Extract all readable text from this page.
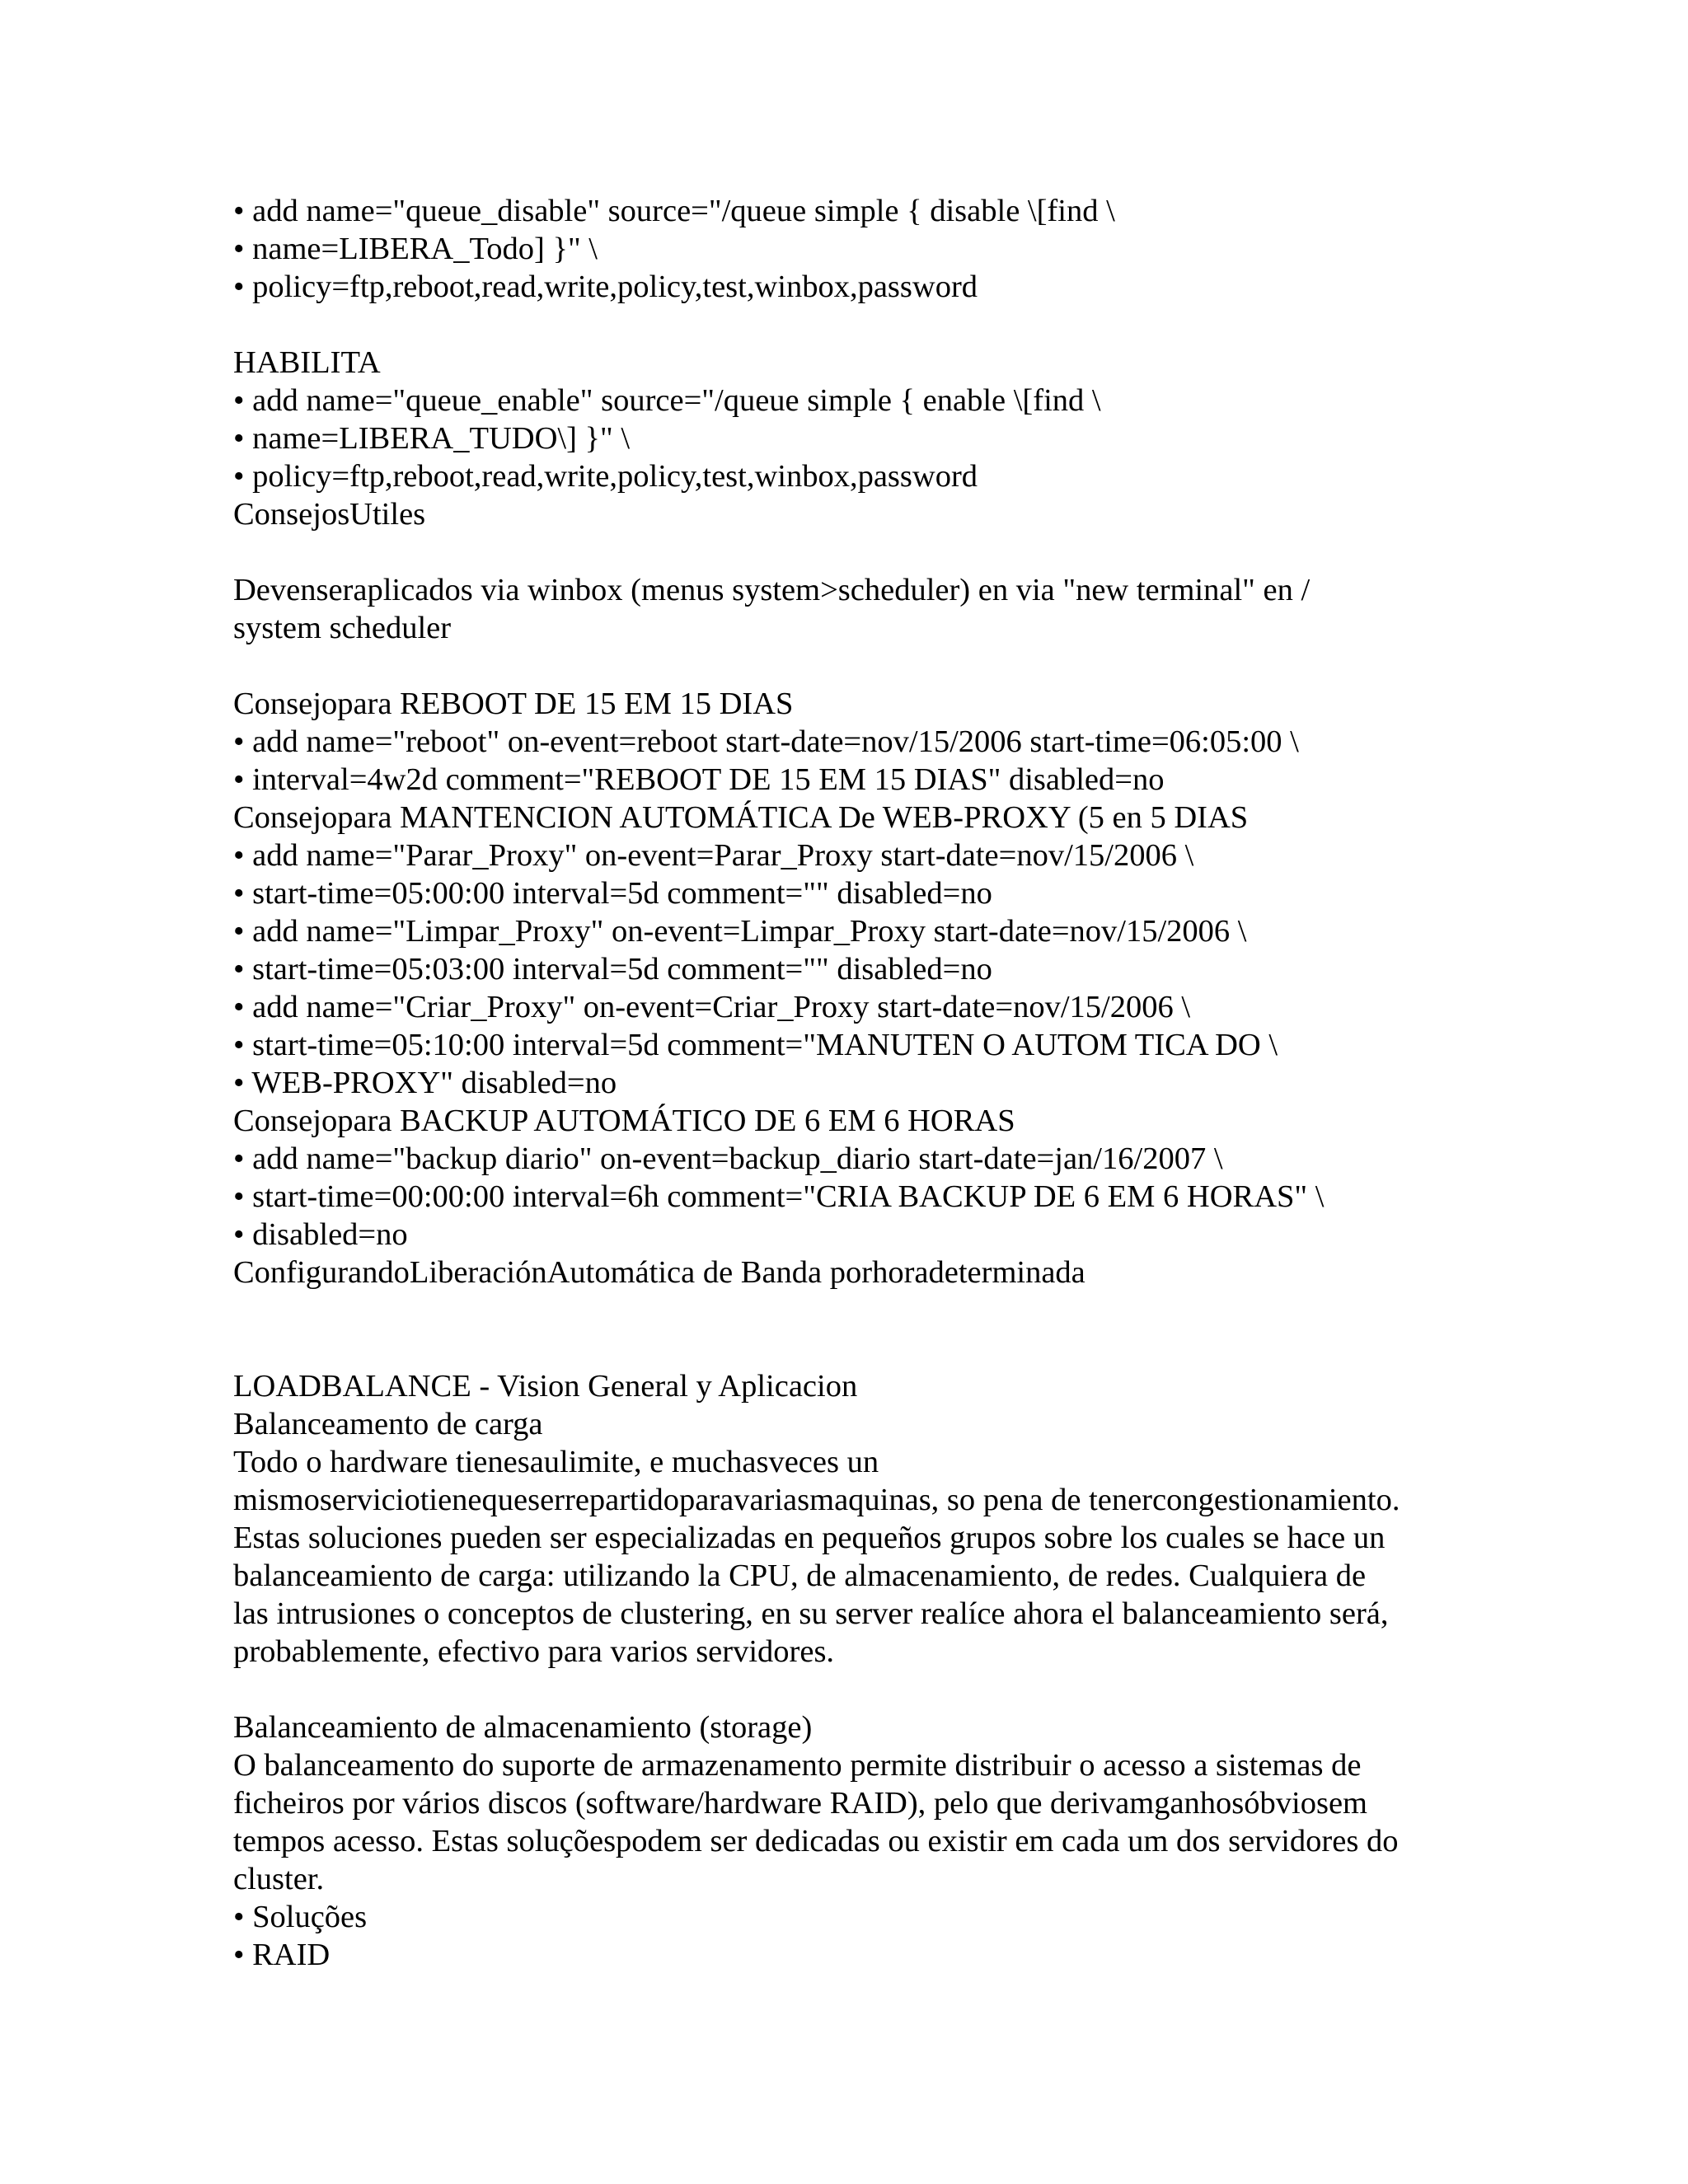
• add name="queue_disable" source="/queue simple { disable \[find \
• name=LIBERA_Todo] }" \
• policy=ftp,reboot,read,write,policy,test,winbox,password
HABILITA
• add name="queue_enable" source="/queue simple { enable \[find \
• name=LIBERA_TUDO\] }" \
• policy=ftp,reboot,read,write,policy,test,winbox,password
ConsejosUtiles
Devenseraplicados via winbox (menus system>scheduler) en via "new terminal" en /
system scheduler
Consejopara REBOOT DE 15 EM 15 DIAS
• add name="reboot" on-event=reboot start-date=nov/15/2006 start-time=06:05:00 \
• interval=4w2d comment="REBOOT DE 15 EM 15 DIAS" disabled=no
Consejopara MANTENCION AUTOMÁTICA De WEB-PROXY (5 en 5 DIAS
• add name="Parar_Proxy" on-event=Parar_Proxy start-date=nov/15/2006 \
• start-time=05:00:00 interval=5d comment="" disabled=no
• add name="Limpar_Proxy" on-event=Limpar_Proxy start-date=nov/15/2006 \
• start-time=05:03:00 interval=5d comment="" disabled=no
• add name="Criar_Proxy" on-event=Criar_Proxy start-date=nov/15/2006 \
• start-time=05:10:00 interval=5d comment="MANUTEN O AUTOM TICA DO \
• WEB-PROXY" disabled=no
Consejopara BACKUP AUTOMÁTICO DE 6 EM 6 HORAS
• add name="backup diario" on-event=backup_diario start-date=jan/16/2007 \
• start-time=00:00:00 interval=6h comment="CRIA BACKUP DE 6 EM 6 HORAS" \
• disabled=no
ConfigurandoLiberaciónAutomática de Banda porhoradeterminada
LOADBALANCE - Vision General y Aplicacion
Balanceamento de carga
Todo o hardware tienesaulimite, e muchasveces un
mismoserviciotienequeserrepartidoparavariasmaquinas, so pena de tenercongestionamiento.
Estas soluciones pueden ser especializadas en pequeños grupos sobre los cuales se hace un
balanceamiento de carga: utilizando la CPU, de almacenamiento, de redes. Cualquiera de
las intrusiones o conceptos de clustering, en su server realíce ahora el balanceamiento será,
probablemente, efectivo para varios servidores.
Balanceamiento de almacenamiento (storage)
O balanceamento do suporte de armazenamento permite distribuir o acesso a sistemas de
ficheiros por vários discos (software/hardware RAID), pelo que derivamganhosóbviosem
tempos acesso. Estas soluçõespodem ser dedicadas ou existir em cada um dos servidores do
cluster.
• Soluções
• RAID
